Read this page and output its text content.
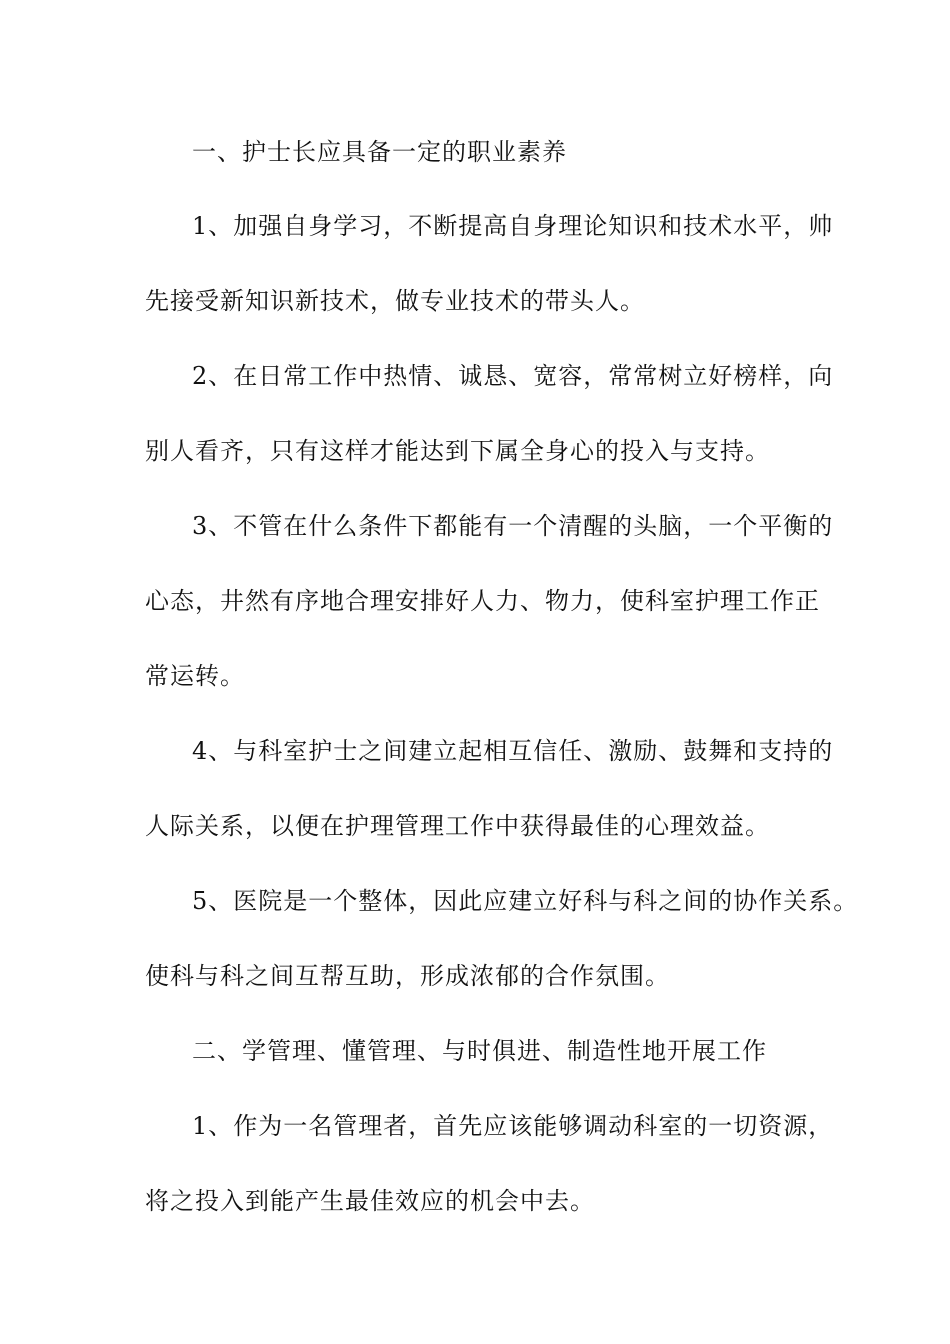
一、护士长应具备一定的职业素养
1、加强自身学习，不断提高自身理论知识和技术水平，帅
先接受新知识新技术，做专业技术的带头人。
2、在日常工作中热情、诚恳、宽容，常常树立好榜样，向
别人看齐，只有这样才能达到下属全身心的投入与支持。
3、不管在什么条件下都能有一个清醒的头脑，一个平衡的
心态，井然有序地合理安排好人力、物力，使科室护理工作正
常运转。
4、与科室护士之间建立起相互信任、激励、鼓舞和支持的
人际关系，以便在护理管理工作中获得最佳的心理效益。
5、医院是一个整体，因此应建立好科与科之间的协作关系。
使科与科之间互帮互助，形成浓郁的合作氛围。
二、学管理、懂管理、与时俱进、制造性地开展工作
1、作为一名管理者，首先应该能够调动科室的一切资源，
将之投入到能产生最佳效应的机会中去。
